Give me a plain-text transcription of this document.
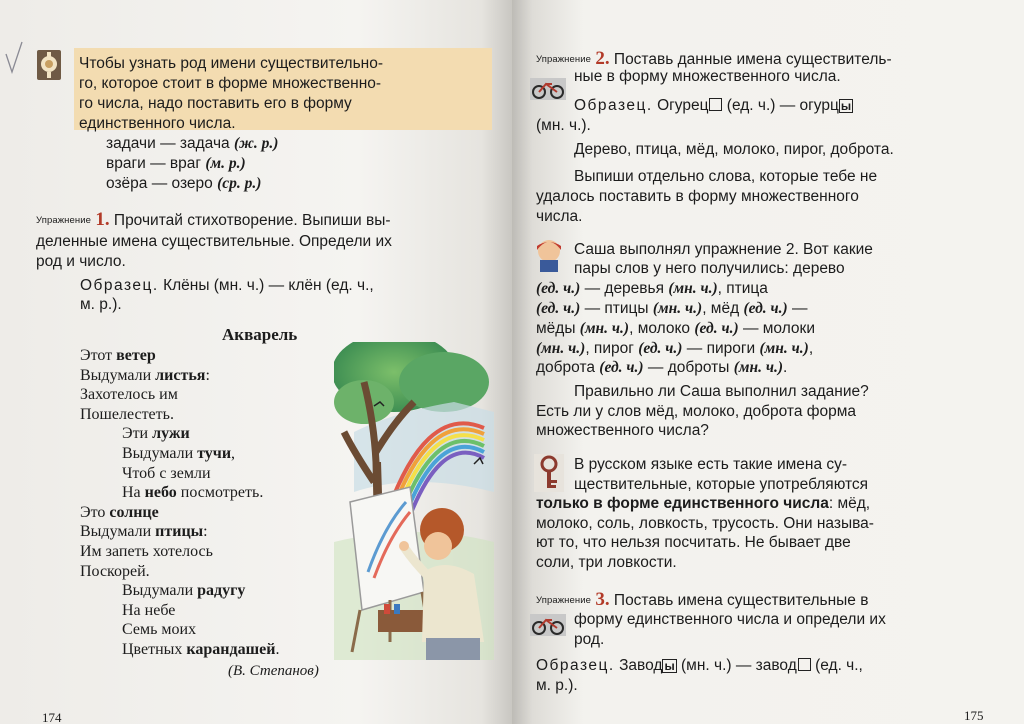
Чтобы узнать род имени существительно-
го, которое стоит в форме множественно-
го числа, надо поставить его в форму
единственного числа.
задачи — задача (ж. р.)
враги — враг (м. р.)
озёра — озеро (ср. р.)
Упражнение 1. Прочитай стихотворение. Выпиши вы-
деленные имена существительные. Определи их
род и число.
Образец. Клёны (мн. ч.) — клён (ед. ч.,
м. р.).
Акварель
Этот ветер
Выдумали листья:
Захотелось им
Пошелестеть.
Эти лужи
Выдумали тучи,
Чтоб с земли
На небо посмотреть.
Это солнце
Выдумали птицы:
Им запеть хотелось
Поскорей.
Выдумали радугу
На небе
Семь моих
Цветных карандашей.
(В. Степанов)
174
Упражнение 2. Поставь данные имена существитель-
ные в форму множественного числа.
Образец. Огурец (ед. ч.) — огурц ы
(мн. ч.).
Дерево, птица, мёд, молоко, пирог, доброта.
Выпиши отдельно слова, которые тебе не
удалось поставить в форму множественного
числа.
Саша выполнял упражнение 2. Вот какие
пары слов у него получились: дерево
(ед. ч.) — деревья (мн. ч.), птица
(ед. ч.) — птицы (мн. ч.), мёд (ед. ч.) —
мёды (мн. ч.), молоко (ед. ч.) — молоки
(мн. ч.), пирог (ед. ч.) — пироги (мн. ч.),
доброта (ед. ч.) — доброты (мн. ч.).
Правильно ли Саша выполнил задание?
Есть ли у слов мёд, молоко, доброта форма
множественного числа?
В русском языке есть такие имена су-
ществительные, которые употребляются
только в форме единственного числа: мёд,
молоко, соль, ловкость, трусость. Они называ-
ют то, что нельзя посчитать. Не бывает две
соли, три ловкости.
Упражнение 3. Поставь имена существительные в
форму единственного числа и определи их
род.
Образец. Завод ы (мн. ч.) — завод (ед. ч.,
м. р.).
175
